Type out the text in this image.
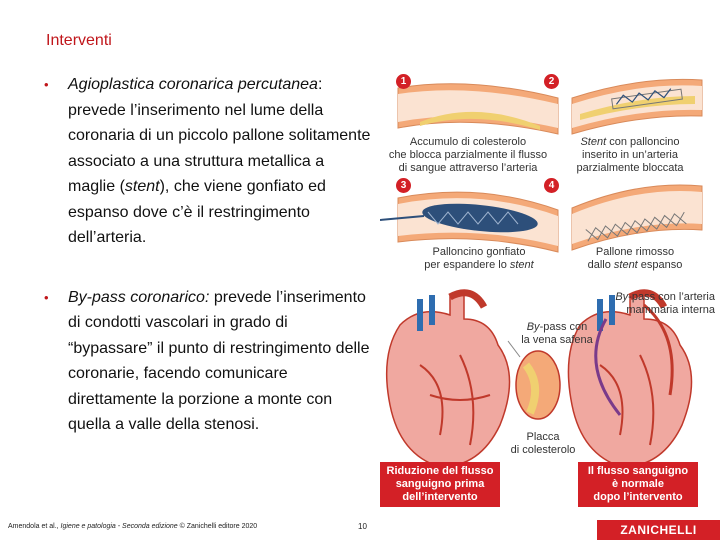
Interventi
• Agioplastica coronarica percutanea: prevede l’inserimento nel lume della coronaria di un piccolo pallone solitamente associato a una struttura metallica a maglie (stent), che viene gonfiato ed espanso dove c’è il restringimento dell’arteria.
• By-pass coronarico: prevede l’inserimento di condotti vascolari in grado di “bypassare” il punto di restringimento delle coronarie, facendo comunicare direttamente la porzione a monte con quella a valle della stenosi.
1	2
3	4
Accumulo di colesterolo
che blocca parzialmente il flusso
di sangue attraverso l’arteria
Stent con palloncino
inserito in un’arteria
parzialmente bloccata
Palloncino gonfiato
per espandere lo stent
Pallone rimosso
dallo stent espanso
By-pass con l’arteria
mammaria interna
By-pass con
la vena safena
Placca
di colesterolo
Riduzione del flusso
sanguigno prima
dell’intervento
Il flusso sanguigno
è normale
dopo l’intervento
Amendola et al., Igiene e patologia - Seconda edizione © Zanichelli editore 2020	10	ZANICHELLI
